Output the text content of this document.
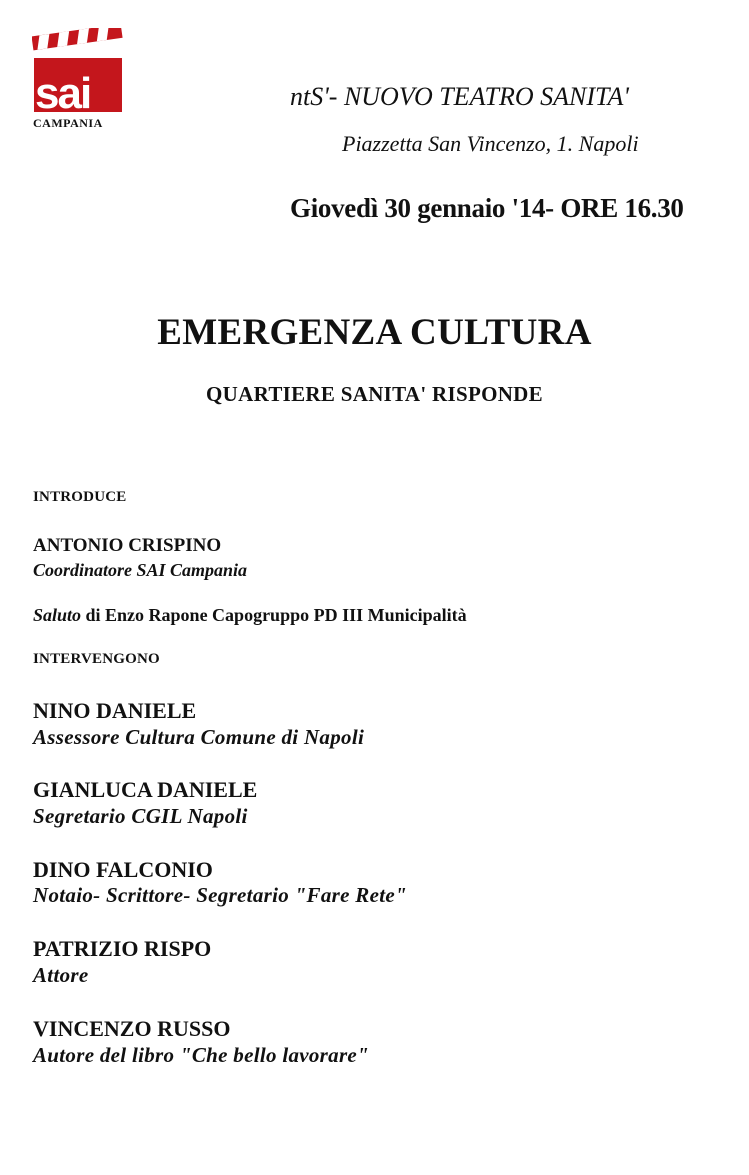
sai
CAMPANIA
ntS'- NUOVO TEATRO SANITA'
Piazzetta San Vincenzo, 1. Napoli
Giovedì 30 gennaio '14- ORE 16.30
EMERGENZA CULTURA
QUARTIERE SANITA' RISPONDE
INTRODUCE
ANTONIO CRISPINO
Coordinatore SAI Campania
Saluto di Enzo Rapone Capogruppo PD III Municipalità
INTERVENGONO
NINO DANIELE
Assessore Cultura Comune di Napoli
GIANLUCA DANIELE
Segretario CGIL Napoli
DINO FALCONIO
Notaio- Scrittore- Segretario "Fare Rete"
PATRIZIO RISPO
Attore
VINCENZO RUSSO
Autore del libro "Che bello lavorare"
